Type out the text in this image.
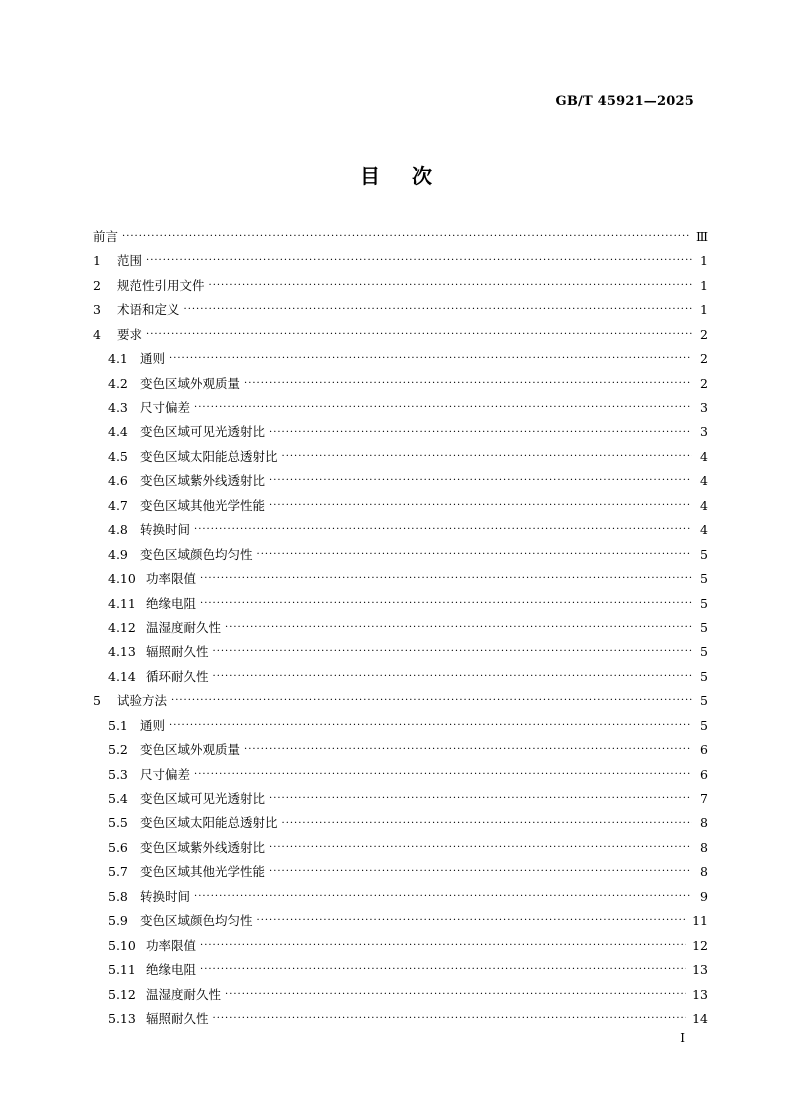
GB/T 45921—2025
目次
前言 ·····	Ⅲ
1	范围 ·····	1
2	规范性引用文件 ·····	1
3	术语和定义 ·····	1
4	要求 ·····	2
4.1 通则 ·····	2
4.2 变色区域外观质量 ·····	2
4.3 尺寸偏差 ·····	3
4.4 变色区域可见光透射比 ·····	3
4.5 变色区域太阳能总透射比 ·····	4
4.6 变色区域紫外线透射比 ·····	4
4.7 变色区域其他光学性能 ·····	4
4.8 转换时间 ·····	4
4.9 变色区域颜色均匀性 ·····	5
4.10 功率限值 ·····	5
4.11 绝缘电阻 ·····	5
4.12 温湿度耐久性 ·····	5
4.13 辐照耐久性 ·····	5
4.14 循环耐久性 ·····	5
5	试验方法 ·····	5
5.1 通则 ·····	5
5.2 变色区域外观质量 ·····	6
5.3 尺寸偏差 ·····	6
5.4 变色区域可见光透射比 ·····	7
5.5 变色区域太阳能总透射比 ·····	8
5.6 变色区域紫外线透射比 ·····	8
5.7 变色区域其他光学性能 ·····	8
5.8 转换时间 ·····	9
5.9 变色区域颜色均匀性 ·····	11
5.10 功率限值 ·····	12
5.11 绝缘电阻 ·····	13
5.12 温湿度耐久性 ·····	13
5.13 辐照耐久性 ·····	14
I
